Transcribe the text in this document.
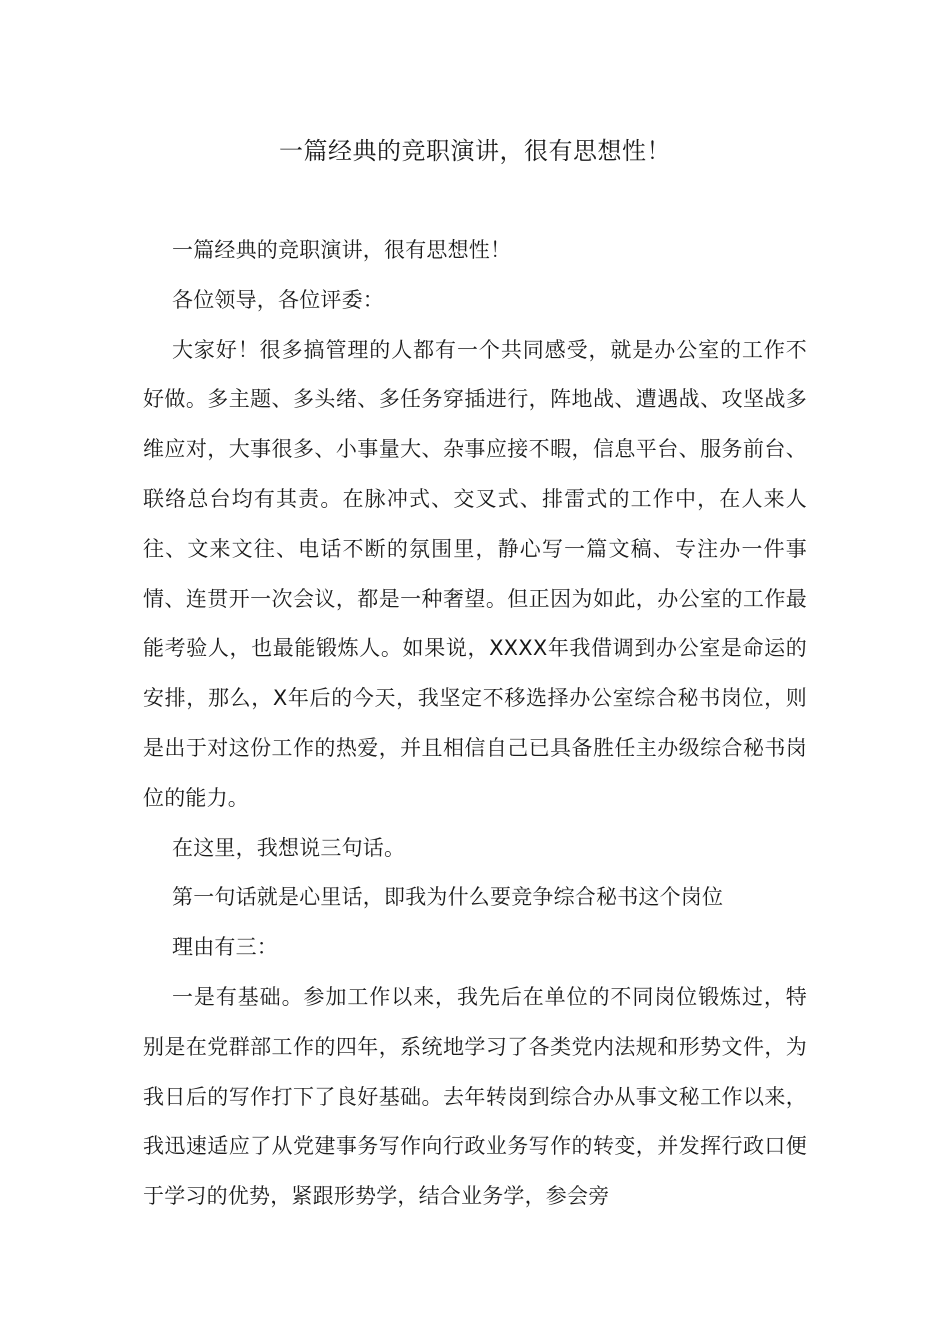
一篇经典的竞职演讲，很有思想性！

一篇经典的竞职演讲，很有思想性！

各位领导，各位评委：

大家好！很多搞管理的人都有一个共同感受，就是办公室的工作不好做。多主题、多头绪、多任务穿插进行，阵地战、遭遇战、攻坚战多维应对，大事很多、小事量大、杂事应接不暇，信息平台、服务前台、联络总台均有其责。在脉冲式、交叉式、排雷式的工作中，在人来人往、文来文往、电话不断的氛围里，静心写一篇文稿、专注办一件事情、连贯开一次会议，都是一种奢望。但正因为如此，办公室的工作最能考验人，也最能锻炼人。如果说，XXXX年我借调到办公室是命运的安排，那么，X年后的今天，我坚定不移选择办公室综合秘书岗位，则是出于对这份工作的热爱，并且相信自己已具备胜任主办级综合秘书岗位的能力。

在这里，我想说三句话。

第一句话就是心里话，即我为什么要竞争综合秘书这个岗位

理由有三：

一是有基础。参加工作以来，我先后在单位的不同岗位锻炼过，特别是在党群部工作的四年，系统地学习了各类党内法规和形势文件，为我日后的写作打下了良好基础。去年转岗到综合办从事文秘工作以来，我迅速适应了从党建事务写作向行政业务写作的转变，并发挥行政口便于学习的优势，紧跟形势学，结合业务学，参会旁
